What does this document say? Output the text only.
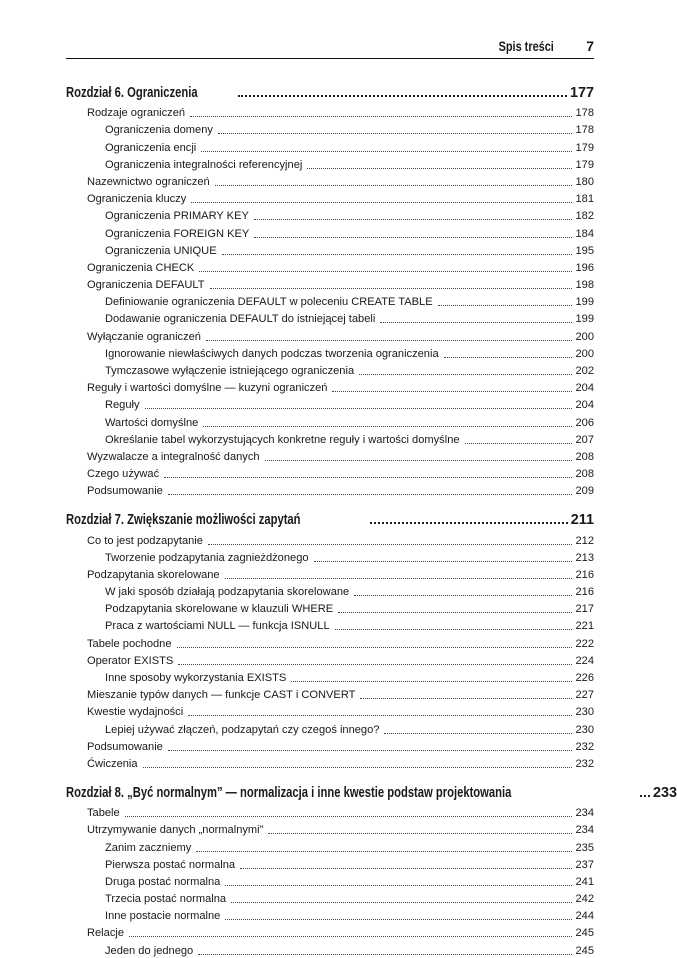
Spis treści 7
Rozdział 6. Ograniczenia	177
Rodzaje ograniczeń	178
Ograniczenia domeny	178
Ograniczenia encji	179
Ograniczenia integralności referencyjnej	179
Nazewnictwo ograniczeń	180
Ograniczenia kluczy	181
Ograniczenia PRIMARY KEY	182
Ograniczenia FOREIGN KEY	184
Ograniczenia UNIQUE	195
Ograniczenia CHECK	196
Ograniczenia DEFAULT	198
Definiowanie ograniczenia DEFAULT w poleceniu CREATE TABLE	199
Dodawanie ograniczenia DEFAULT do istniejącej tabeli	199
Wyłączanie ograniczeń	200
Ignorowanie niewłaściwych danych podczas tworzenia ograniczenia	200
Tymczasowe wyłączenie istniejącego ograniczenia	202
Reguły i wartości domyślne — kuzyni ograniczeń	204
Reguły	204
Wartości domyślne	206
Określanie tabel wykorzystujących konkretne reguły i wartości domyślne	207
Wyzwalacze a integralność danych	208
Czego używać	208
Podsumowanie	209
Rozdział 7. Zwiększanie możliwości zapytań	211
Co to jest podzapytanie	212
Tworzenie podzapytania zagnieżdżonego	213
Podzapytania skorelowane	216
W jaki sposób działają podzapytania skorelowane	216
Podzapytania skorelowane w klauzuli WHERE	217
Praca z wartościami NULL — funkcja ISNULL	221
Tabele pochodne	222
Operator EXISTS	224
Inne sposoby wykorzystania EXISTS	226
Mieszanie typów danych — funkcje CAST i CONVERT	227
Kwestie wydajności	230
Lepiej używać złączeń, podzapytań czy czegoś innego?	230
Podsumowanie	232
Ćwiczenia	232
Rozdział 8. „Być normalnym” — normalizacja i inne kwestie podstaw projektowania	233
Tabele	234
Utrzymywanie danych „normalnymi”	234
Zanim zaczniemy	235
Pierwsza postać normalna	237
Druga postać normalna	241
Trzecia postać normalna	242
Inne postacie normalne	244
Relacje	245
Jeden do jednego	245
